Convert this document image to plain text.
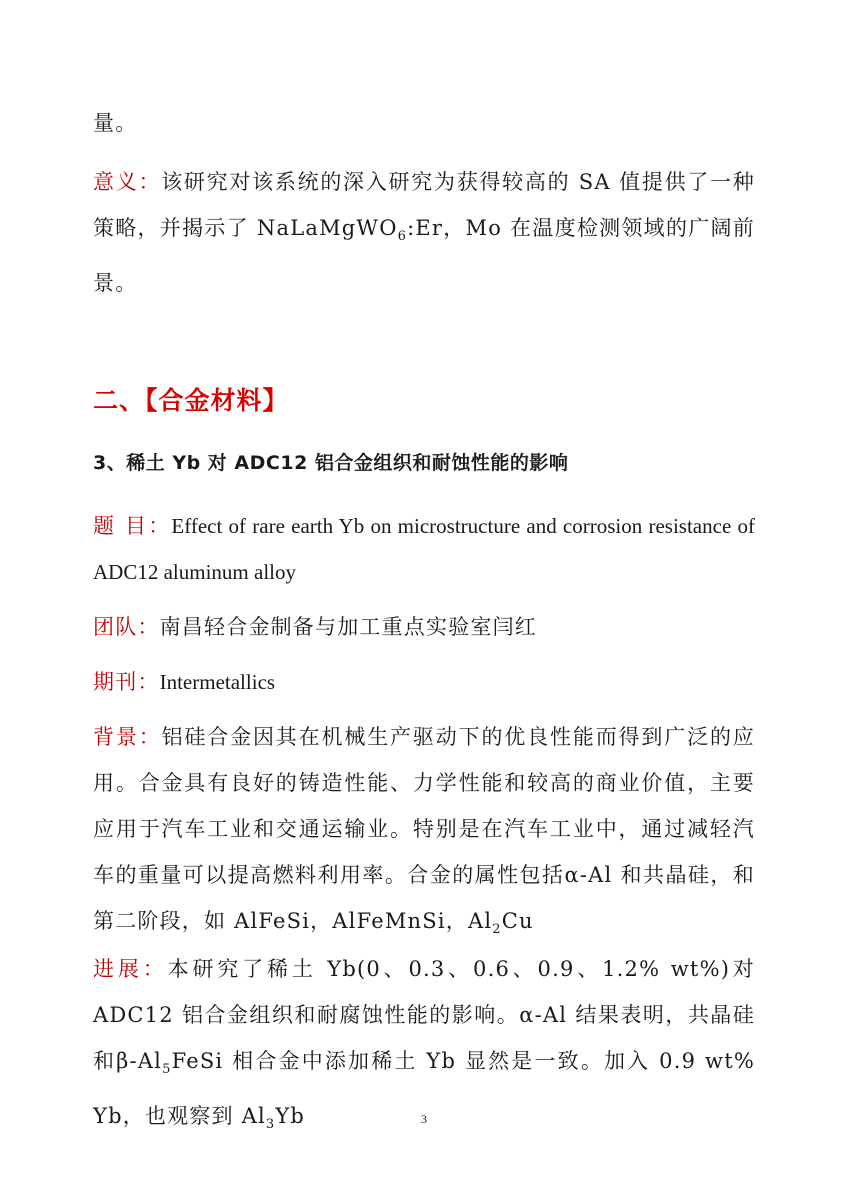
量。

意义：该研究对该系统的深入研究为获得较高的 SA 值提供了一种策略，并揭示了 NaLaMgWO$_6$:Er，Mo 在温度检测领域的广阔前景。

二、【合金材料】
3、稀土 Yb 对 ADC12 铝合金组织和耐蚀性能的影响

题 目：Effect of rare earth Yb on microstructure and corrosion resistance of ADC12 aluminum alloy

团队：南昌轻合金制备与加工重点实验室闫红

期刊：Intermetallics

背景：铝硅合金因其在机械生产驱动下的优良性能而得到广泛的应用。合金具有良好的铸造性能、力学性能和较高的商业价值，主要应用于汽车工业和交通运输业。特别是在汽车工业中，通过减轻汽车的重量可以提高燃料利用率。合金的属性包括α-Al 和共晶硅，和第二阶段，如 AlFeSi，AlFeMnSi，$Al_2Cu$

进展：本研究了稀土 Yb(0、0.3、0.6、0.9、1.2% wt%)对 ADC12 铝合金组织和耐腐蚀性能的影响。α-Al 结果表明，共晶硅和$\beta-Al_5FeSi$ 相合金中添加稀土 Yb 显然是一致。加入 0.9 wt% Yb，也观察到 $Al_3Yb$	3
